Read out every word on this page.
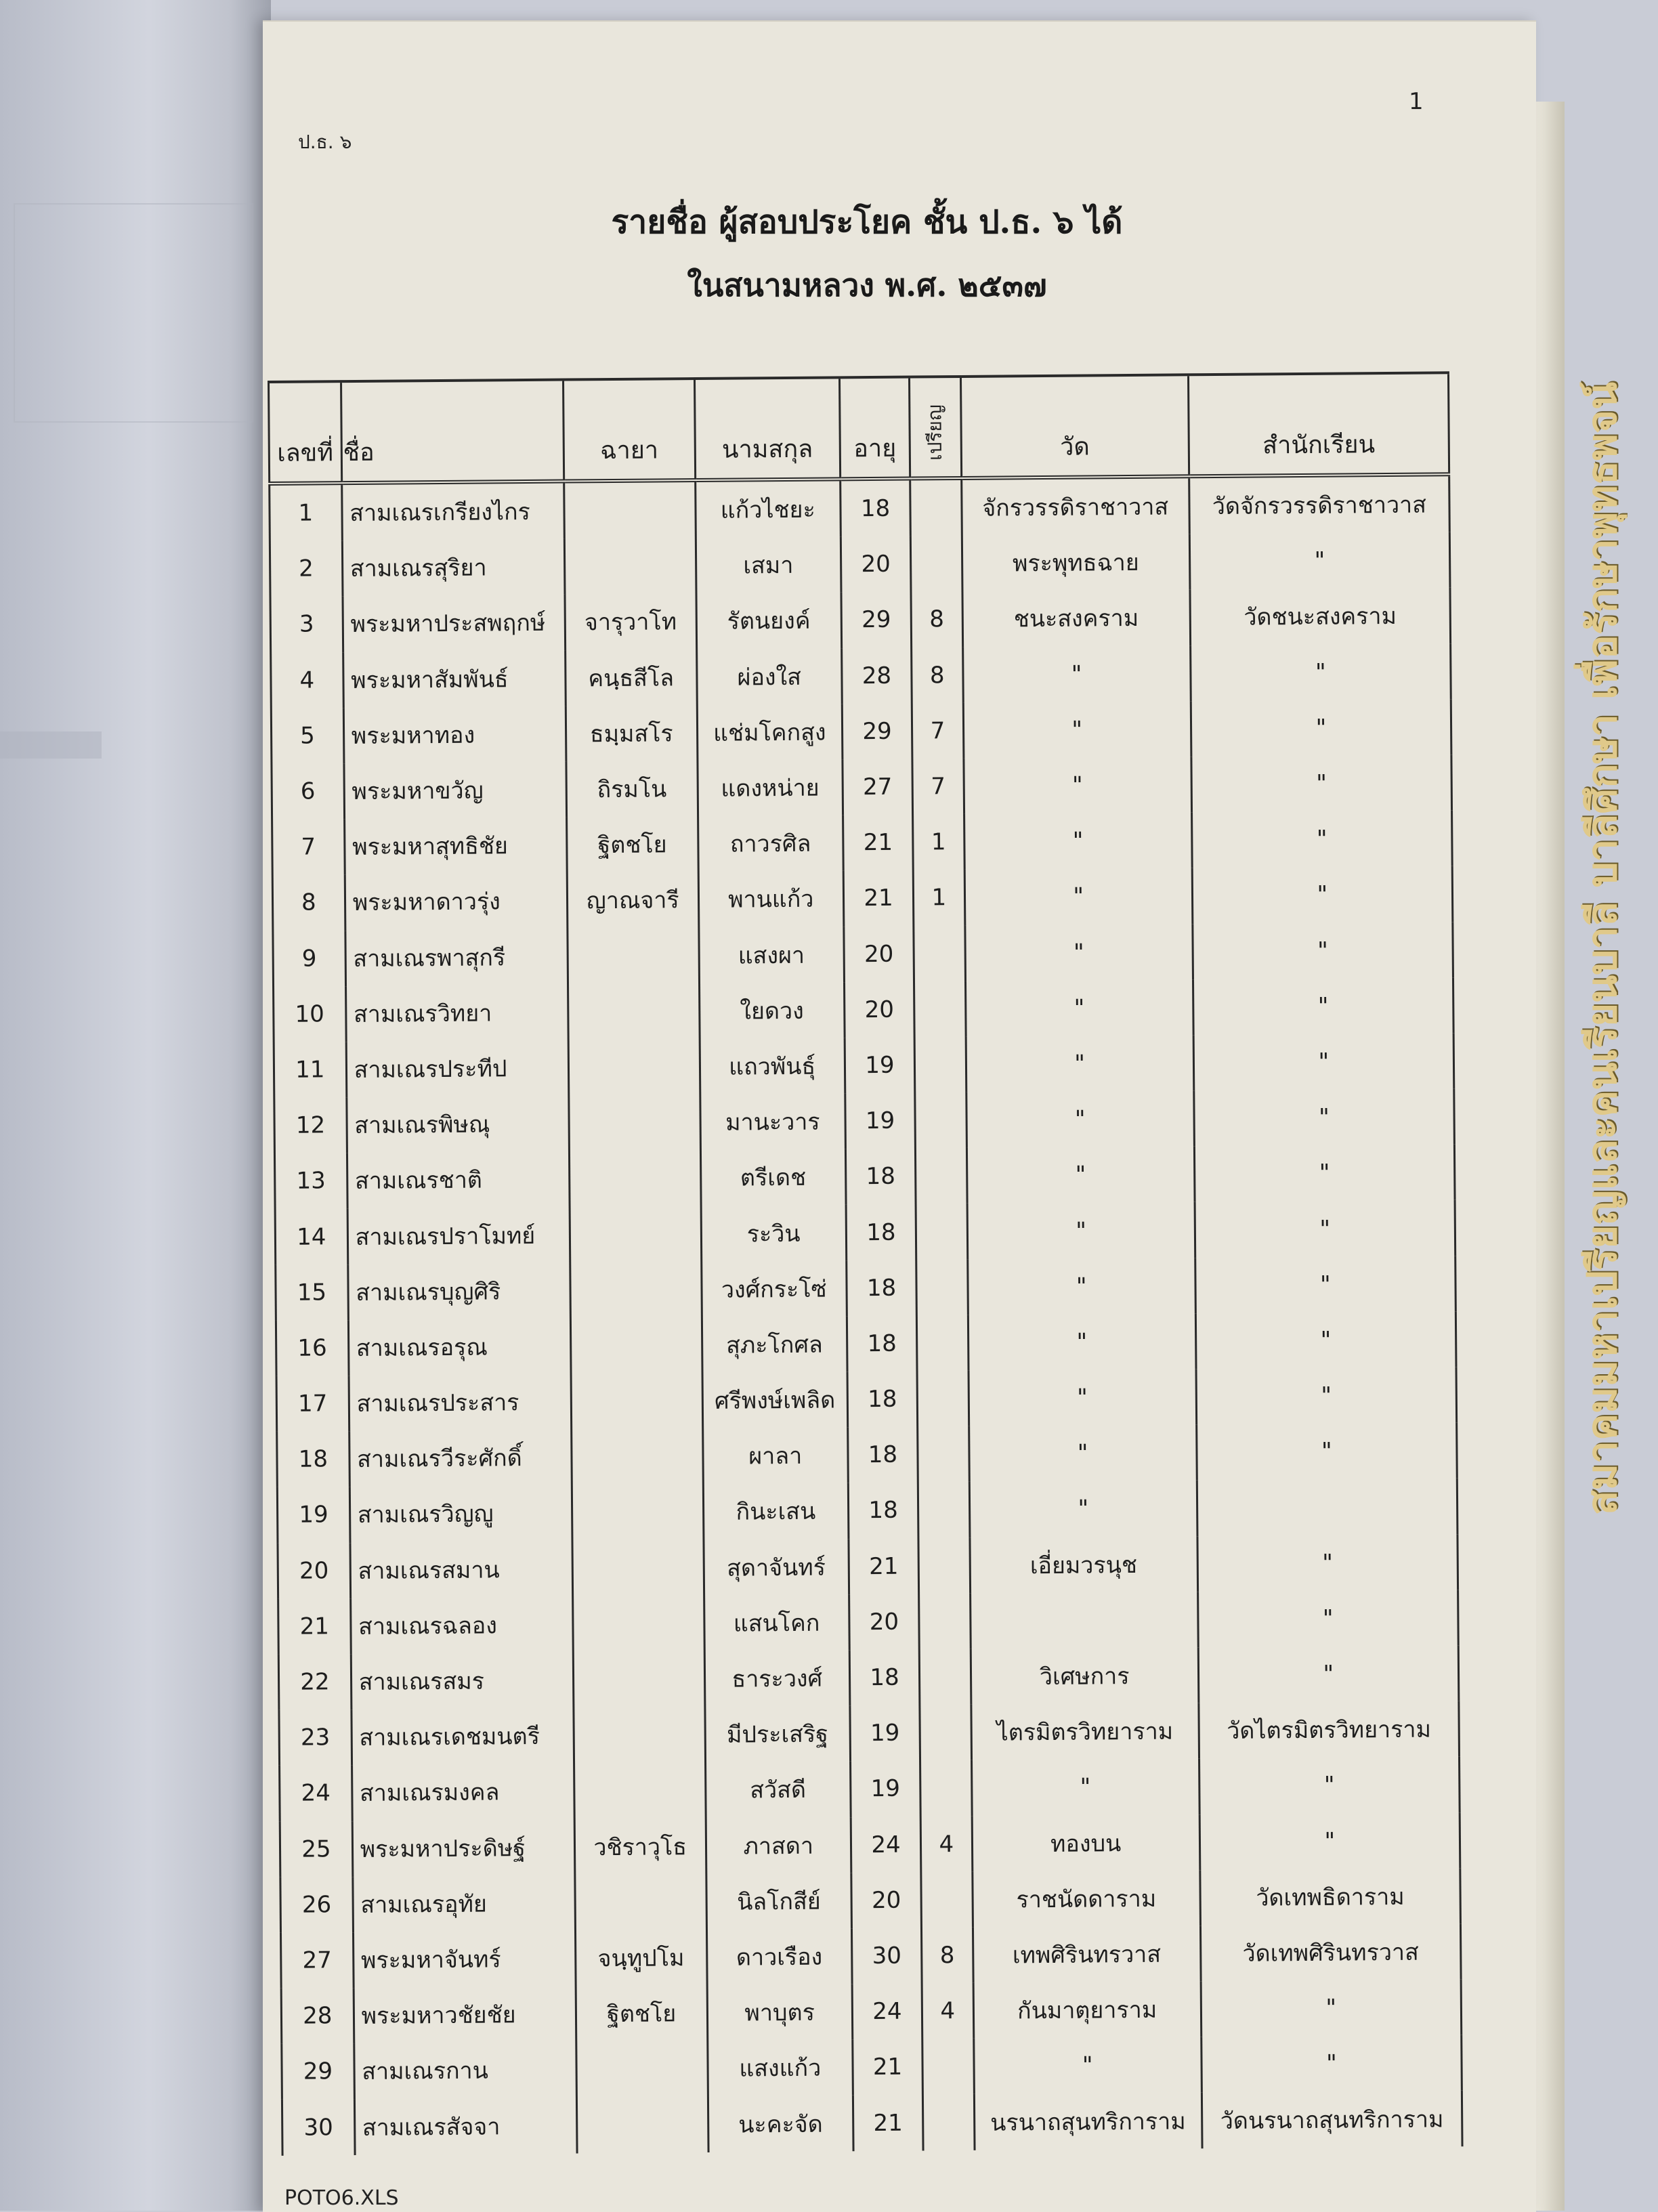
1
ป.ธ. ๖
รายชื่อ ผู้สอบประโยค ชั้น ป.ธ. ๖ ได้
ในสนามหลวง พ.ศ. ๒๕๓๗
เลขที่	ชื่อ	ฉายา	นามสกุล	อายุ	เปรียญ	วัด	สำนักเรียน
1	สามเณรเกรียงไกร		แก้วไชยะ	18		จักรวรรดิราชาวาส	วัดจักรวรรดิราชาวาส
2	สามเณรสุริยา		เสมา	20		พระพุทธฉาย	"
3	พระมหาประสพฤกษ์	จารุวาโท	รัตนยงค์	29	8	ชนะสงคราม	วัดชนะสงคราม
4	พระมหาสัมพันธ์	คนฺธสีโล	ผ่องใส	28	8	"	"
5	พระมหาทอง	ธมฺมสโร	แช่มโคกสูง	29	7	"	"
6	พระมหาขวัญ	ถิรมโน	แดงหน่าย	27	7	"	"
7	พระมหาสุทธิชัย	ฐิตชโย	ถาวรศิล	21	1	"	"
8	พระมหาดาวรุ่ง	ญาณจารี	พานแก้ว	21	1	"	"
9	สามเณรพาสุกรี		แสงผา	20		"	"
10	สามเณรวิทยา		ใยดวง	20		"	"
11	สามเณรประทีป		แถวพันธุ์	19		"	"
12	สามเณรพิษณุ		มานะวาร	19		"	"
13	สามเณรชาติ		ตรีเดช	18		"	"
14	สามเณรปราโมทย์		ระวิน	18		"	"
15	สามเณรบุญศิริ		วงศ์กระโซ่	18		"	"
16	สามเณรอรุณ		สุภะโกศล	18		"	"
17	สามเณรประสาร		ศรีพงษ์เพลิด	18		"	"
18	สามเณรวีระศักดิ์		ผาลา	18		"	"
19	สามเณรวิญญู		กินะเสน	18		"	
20	สามเณรสมาน		สุดาจันทร์	21		เอี่ยมวรนุช	"
21	สามเณรฉลอง		แสนโคก	20			"
22	สามเณรสมร		ธาระวงศ์	18		วิเศษการ	"
23	สามเณรเดชมนตรี		มีประเสริฐ	19		ไตรมิตรวิทยาราม	วัดไตรมิตรวิทยาราม
24	สามเณรมงคล		สวัสดี	19		"	"
25	พระมหาประดิษฐ์	วชิราวุโธ	ภาสดา	24	4	ทองบน	"
26	สามเณรอุทัย		นิลโกสีย์	20		ราชนัดดาราม	วัดเทพธิดาราม
27	พระมหาจันทร์	จนฺทูปโม	ดาวเรือง	30	8	เทพศิรินทรวาส	วัดเทพศิรินทรวาส
28	พระมหาวชัยชัย	ฐิตชโย	พาบุตร	24	4	กันมาตุยาราม	"
29	สามเณรกาน		แสงแก้ว	21		"	"
30	สามเณรสัจจา		นะคะจัด	21		นรนาถสุนทริการาม	วัดนรนาถสุนทริการาม
สมาคมมหาเปรียญและคนเรียนบาลี บาลีศึกษา เพื่อรักษาพุทธพจน์
POTO6.XLS
